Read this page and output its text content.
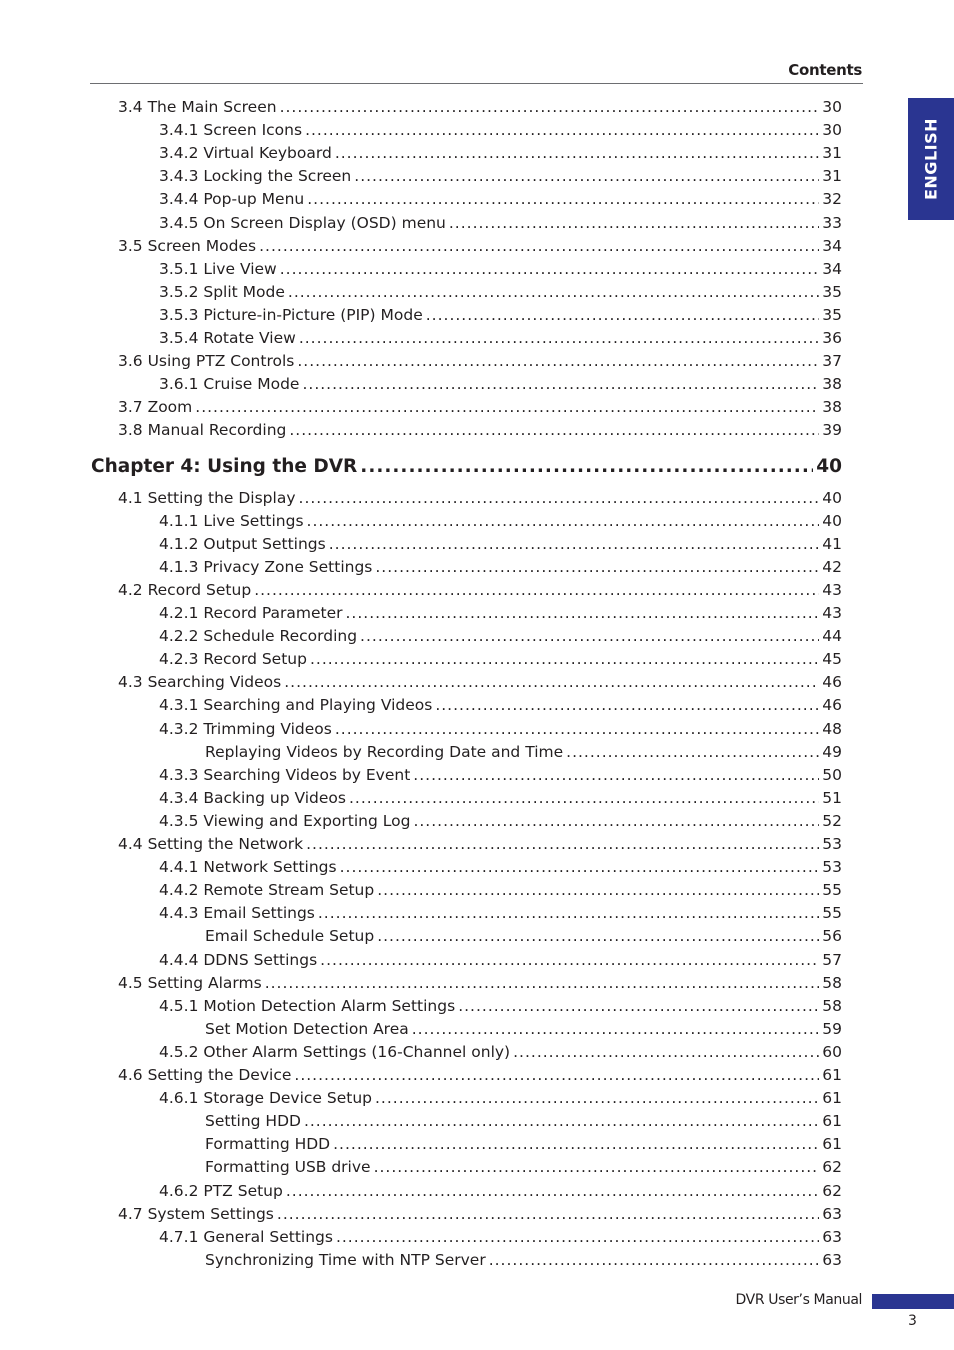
Contents
ENGLISH
3.4 The Main Screen .....	30
3.4.1 Screen Icons .....	30
3.4.2 Virtual Keyboard .....	31
3.4.3 Locking the Screen .....	31
3.4.4 Pop-up Menu .....	32
3.4.5 On Screen Display (OSD) menu .....	33
3.5 Screen Modes .....	34
3.5.1 Live View .....	34
3.5.2 Split Mode .....	35
3.5.3 Picture-in-Picture (PIP) Mode .....	35
3.5.4 Rotate View .....	36
3.6 Using PTZ Controls .....	37
3.6.1 Cruise Mode .....	38
3.7 Zoom .....	38
3.8 Manual Recording .....	39
Chapter 4: Using the DVR .....	40
4.1 Setting the Display .....	40
4.1.1 Live Settings .....	40
4.1.2 Output Settings .....	41
4.1.3 Privacy Zone Settings .....	42
4.2 Record Setup .....	43
4.2.1 Record Parameter .....	43
4.2.2 Schedule Recording .....	44
4.2.3 Record Setup .....	45
4.3 Searching Videos .....	46
4.3.1 Searching and Playing Videos .....	46
4.3.2 Trimming Videos .....	48
Replaying Videos by Recording Date and Time .....	49
4.3.3 Searching Videos by Event .....	50
4.3.4 Backing up Videos .....	51
4.3.5 Viewing and Exporting Log .....	52
4.4 Setting the Network .....	53
4.4.1 Network Settings .....	53
4.4.2 Remote Stream Setup .....	55
4.4.3 Email Settings .....	55
Email Schedule Setup .....	56
4.4.4 DDNS Settings .....	57
4.5 Setting Alarms .....	58
4.5.1 Motion Detection Alarm Settings .....	58
Set Motion Detection Area .....	59
4.5.2 Other Alarm Settings (16-Channel only) .....	60
4.6 Setting the Device .....	61
4.6.1 Storage Device Setup .....	61
Setting HDD .....	61
Formatting HDD .....	61
Formatting USB drive .....	62
4.6.2 PTZ Setup .....	62
4.7 System Settings .....	63
4.7.1 General Settings .....	63
Synchronizing Time with NTP Server .....	63
DVR User’s Manual
3
